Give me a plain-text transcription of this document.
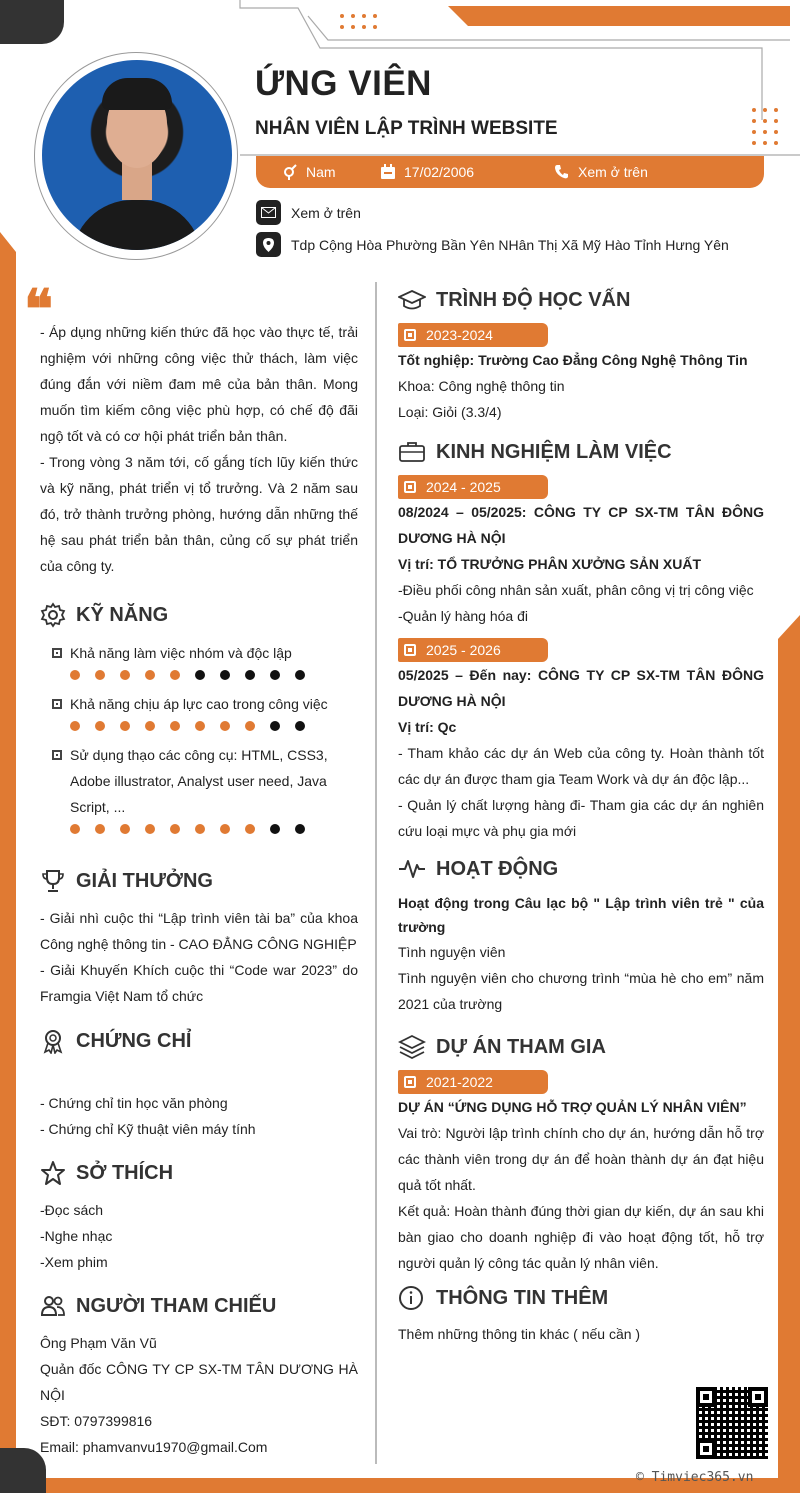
ỨNG VIÊN
NHÂN VIÊN LẬP TRÌNH WEBSITE
Nam	17/02/2006	Xem ở trên
Xem ở trên
Tdp Cộng Hòa Phường Bần Yên NHân Thị Xã Mỹ Hào Tỉnh Hưng Yên
❝

- Áp dụng những kiến thức đã học vào thực tế, trải nghiệm với những công việc thử thách, làm việc đúng đắn với niềm đam mê của bản thân. Mong muốn tìm kiếm công việc phù hợp, có chế độ đãi ngộ tốt và có cơ hội phát triển bản thân.

- Trong vòng 3 năm tới, cố gắng tích lũy kiến thức và kỹ năng, phát triển vị tổ trưởng. Và 2 năm sau đó, trở thành trưởng phòng, hướng dẫn những thế hệ sau phát triển bản thân, củng cố sự phát triển của công ty.

KỸ NĂNG
Khả năng làm việc nhóm và độc lập
Khả năng chịu áp lực cao trong công việc
Sử dụng thạo các công cụ: HTML, CSS3, Adobe illustrator, Analyst user need, Java Script, ...
GIẢI THƯỞNG

- Giải nhì cuộc thi “Lập trình viên tài ba” của khoa Công nghệ thông tin - CAO ĐẲNG CÔNG NGHIỆP

- Giải Khuyến Khích cuộc thi “Code war 2023” do Framgia Việt Nam tổ chức

CHỨNG CHỈ

- Chứng chỉ tin học văn phòng

- Chứng chỉ Kỹ thuật viên máy tính

SỞ THÍCH

-Đọc sách

-Nghe nhạc

-Xem phim

NGƯỜI THAM CHIẾU

Ông Phạm Văn Vũ

Quản đốc CÔNG TY CP SX-TM TÂN DƯƠNG HÀ NỘI

SĐT: 0797399816

Email: phamvanvu1970@gmail.Com

TRÌNH ĐỘ HỌC VẤN
2023-2024

Tốt nghiệp: Trường Cao Đẳng Công Nghệ Thông Tin

Khoa: Công nghệ thông tin

Loại: Giỏi (3.3/4)

KINH NGHIỆM LÀM VIỆC
2024 - 2025

08/2024 – 05/2025: CÔNG TY CP SX-TM TÂN ĐÔNG DƯƠNG HÀ NỘI

Vị trí: TỔ TRƯỞNG PHÂN XƯỞNG SẢN XUẤT

-Điều phối công nhân sản xuất, phân công vị trị công việc

-Quản lý hàng hóa đi

2025 - 2026

05/2025 – Đến nay: CÔNG TY CP SX-TM TÂN ĐÔNG DƯƠNG HÀ NỘI

Vị trí: Qc

- Tham khảo các dự án Web của công ty. Hoàn thành tốt các dự án được tham gia Team Work và dự án độc lập...

- Quản lý chất lượng hàng đi- Tham gia các dự án nghiên cứu loại mực và phụ gia mới

HOẠT ĐỘNG

Hoạt động trong Câu lạc bộ " Lập trình viên trẻ " của trường

Tình nguyện viên

Tình nguyện viên cho chương trình “mùa hè cho em” năm 2021 của trường

DỰ ÁN THAM GIA
2021-2022

DỰ ÁN “ỨNG DỤNG HỖ TRỢ QUẢN LÝ NHÂN VIÊN”

Vai trò: Người lập trình chính cho dự án, hướng dẫn hỗ trợ các thành viên trong dự án để hoàn thành dự án đạt hiệu quả tốt nhất.

Kết quả: Hoàn thành đúng thời gian dự kiến, dự án sau khi bàn giao cho doanh nghiệp đi vào hoạt động tốt, hỗ trợ người quản lý công tác quản lý nhân viên.

THÔNG TIN THÊM
Thêm những thông tin khác ( nếu cần )
© Timviec365.vn
